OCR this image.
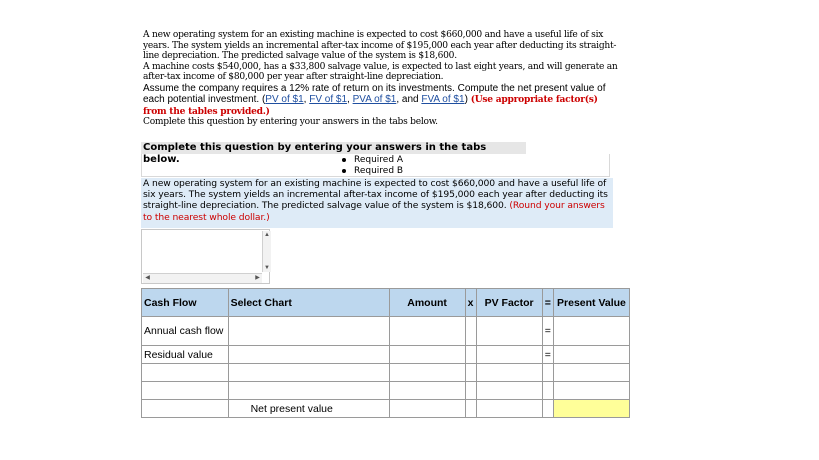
A new operating system for an existing machine is expected to cost $660,000 and have a useful life of six years. The system yields an incremental after-tax income of $195,000 each year after deducting its straight-line depreciation. The predicted salvage value of the system is $18,600.
A machine costs $540,000, has a $33,800 salvage value, is expected to last eight years, and will generate an after-tax income of $80,000 per year after straight-line depreciation.
Assume the company requires a 12% rate of return on its investments. Compute the net present value of each potential investment. (PV of $1, FV of $1, PVA of $1, and FVA of $1) (Use appropriate factor(s) from the tables provided.)
Complete this question by entering your answers in the tabs below.
Complete this question by entering your answers in the tabs below.	Required A
Required B
A new operating system for an existing machine is expected to cost $660,000 and have a useful life of six years. The system yields an incremental after-tax income of $195,000 each year after deducting its straight-line depreciation. The predicted salvage value of the system is $18,600. (Round your answers to the nearest whole dollar.)
▲
▼
◀	▶
Cash Flow	Select Chart	Amount	x	PV Factor	=	Present Value
Annual cash flow					=	
Residual value					=	

	Net present value					
